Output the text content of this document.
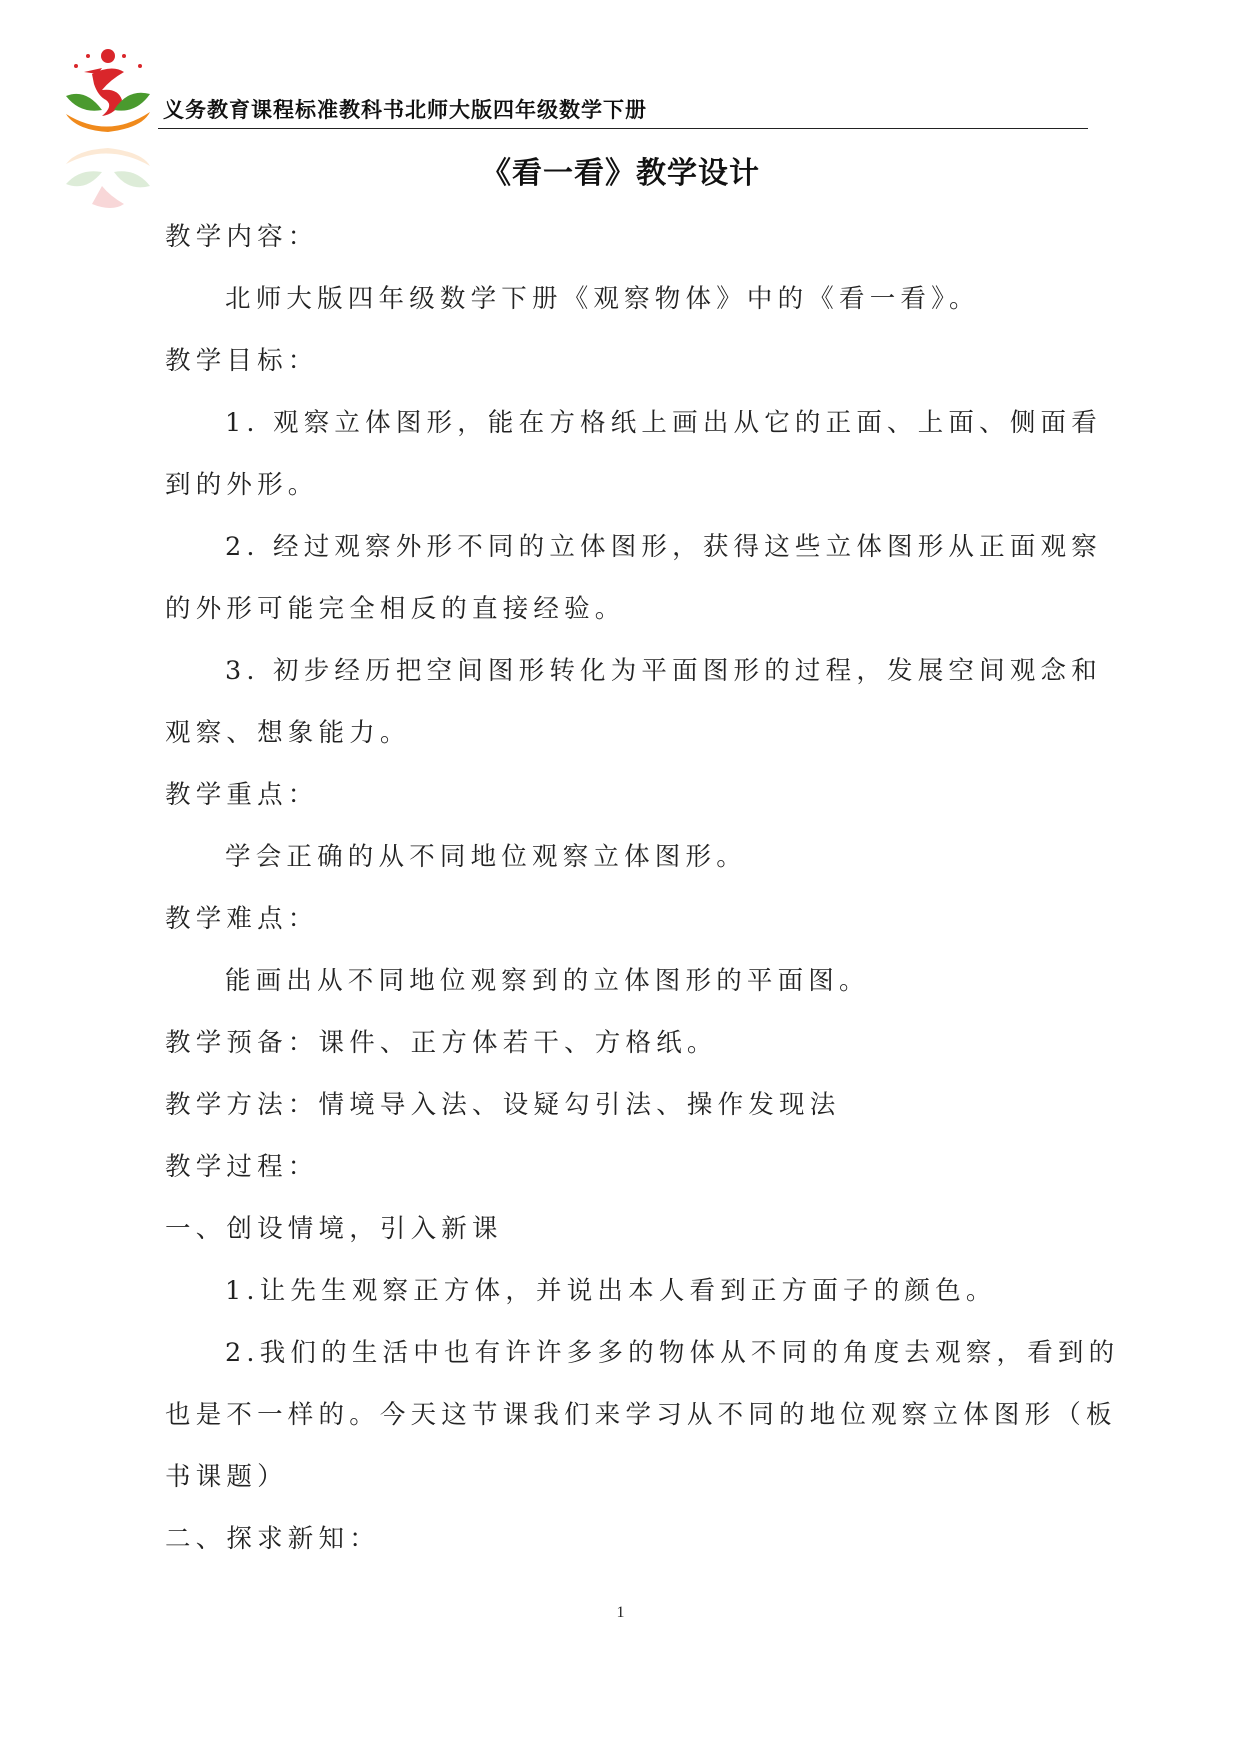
义务教育课程标准教科书北师大版四年级数学下册
《看一看》教学设计
教学内容：
北师大版四年级数学下册《观察物体》中的《看一看》。
教学目标：
1. 观察立体图形，能在方格纸上画出从它的正面、上面、侧面看
到的外形。
2. 经过观察外形不同的立体图形，获得这些立体图形从正面观察
的外形可能完全相反的直接经验。
3. 初步经历把空间图形转化为平面图形的过程，发展空间观念和
观察、想象能力。
教学重点：
学会正确的从不同地位观察立体图形。
教学难点：
能画出从不同地位观察到的立体图形的平面图。
教学预备：课件、正方体若干、方格纸。
教学方法：情境导入法、设疑勾引法、操作发现法
教学过程：
一、创设情境，引入新课
1.让先生观察正方体，并说出本人看到正方面子的颜色。
2.我们的生活中也有许许多多的物体从不同的角度去观察，看到的
也是不一样的。今天这节课我们来学习从不同的地位观察立体图形（板
书课题）
二、探求新知：
1
